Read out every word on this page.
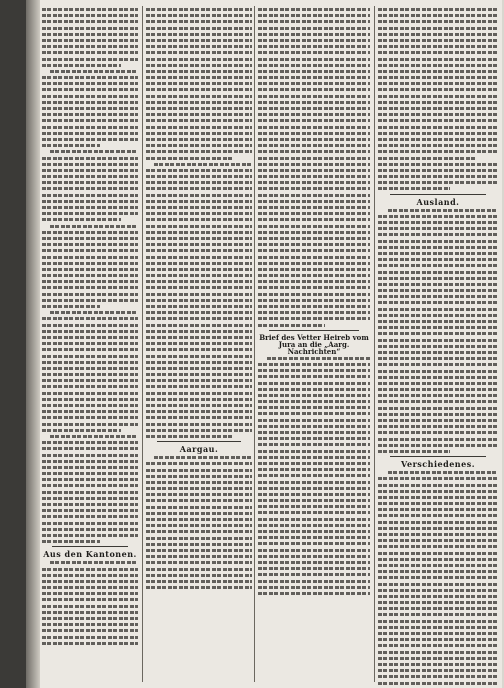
Aus den Kantonen.
Aargau.
Brief des Vetter Heireb vom Jura an die „Aarg. Nachrichten“
Ausland.
Verschiedenes.
